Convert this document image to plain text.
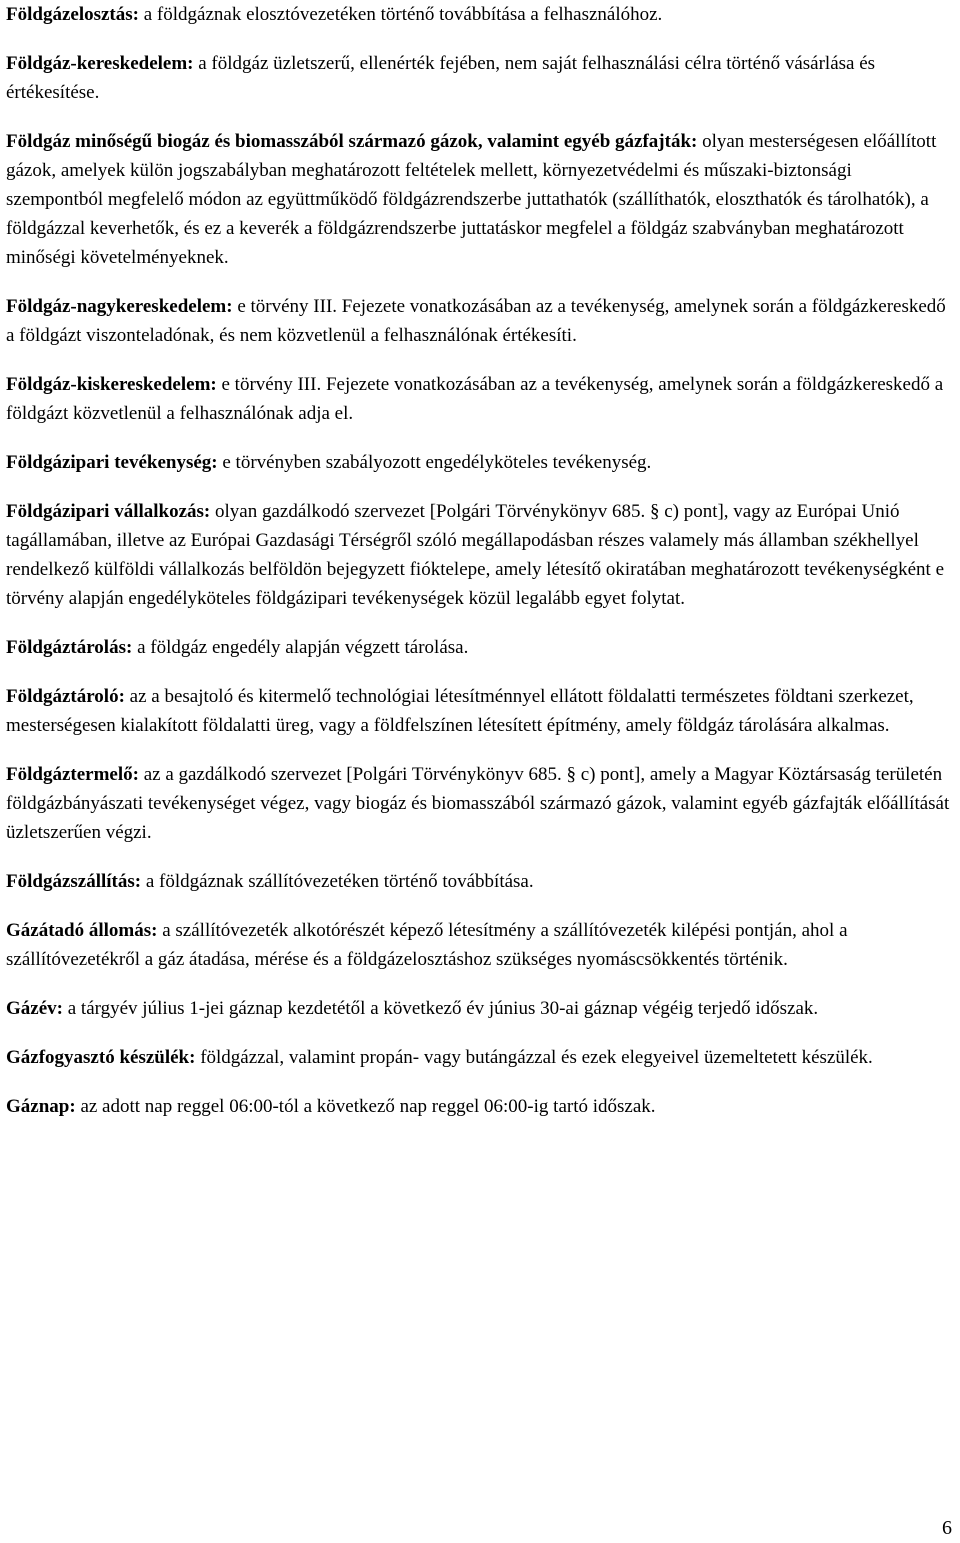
Földgázelosztás: a földgáznak elosztóvezetéken történő továbbítása a felhasználóhoz.

Földgáz-kereskedelem: a földgáz üzletszerű, ellenérték fejében, nem saját felhasználási célra történő vásárlása és értékesítése.

Földgáz minőségű biogáz és biomasszából származó gázok, valamint egyéb gázfajták: olyan mesterségesen előállított gázok, amelyek külön jogszabályban meghatározott feltételek mellett, környezetvédelmi és műszaki-biztonsági szempontból megfelelő módon az együttműködő földgázrendszerbe juttathatók (szállíthatók, eloszthatók és tárolhatók), a földgázzal keverhetők, és ez a keverék a földgázrendszerbe juttatáskor megfelel a földgáz szabványban meghatározott minőségi követelményeknek.

Földgáz-nagykereskedelem: e törvény III. Fejezete vonatkozásában az a tevékenység, amelynek során a földgázkereskedő a földgázt viszonteladónak, és nem közvetlenül a felhasználónak értékesíti.

Földgáz-kiskereskedelem: e törvény III. Fejezete vonatkozásában az a tevékenység, amelynek során a földgázkereskedő a földgázt közvetlenül a felhasználónak adja el.

Földgázipari tevékenység: e törvényben szabályozott engedélyköteles tevékenység.

Földgázipari vállalkozás: olyan gazdálkodó szervezet [Polgári Törvénykönyv 685. § c) pont], vagy az Európai Unió tagállamában, illetve az Európai Gazdasági Térségről szóló megállapodásban részes valamely más államban székhellyel rendelkező külföldi vállalkozás belföldön bejegyzett fióktelepe, amely létesítő okiratában meghatározott tevékenységként e törvény alapján engedélyköteles földgázipari tevékenységek közül legalább egyet folytat.

Földgáztárolás: a földgáz engedély alapján végzett tárolása.

Földgáztároló: az a besajtoló és kitermelő technológiai létesítménnyel ellátott földalatti természetes földtani szerkezet, mesterségesen kialakított földalatti üreg, vagy a földfelszínen létesített építmény, amely földgáz tárolására alkalmas.

Földgáztermelő: az a gazdálkodó szervezet [Polgári Törvénykönyv 685. § c) pont], amely a Magyar Köztársaság területén földgázbányászati tevékenységet végez, vagy biogáz és biomasszából származó gázok, valamint egyéb gázfajták előállítását üzletszerűen végzi.

Földgázszállítás: a földgáznak szállítóvezetéken történő továbbítása.

Gázátadó állomás: a szállítóvezeték alkotórészét képező létesítmény a szállítóvezeték kilépési pontján, ahol a szállítóvezetékről a gáz átadása, mérése és a földgázelosztáshoz szükséges nyomáscsökkentés történik.

Gázév: a tárgyév július 1-jei gáznap kezdetétől a következő év június 30-ai gáznap végéig terjedő időszak.

Gázfogyasztó készülék: földgázzal, valamint propán- vagy butángázzal és ezek elegyeivel üzemeltetett készülék.

Gáznap: az adott nap reggel 06:00-tól a következő nap reggel 06:00-ig tartó időszak.

6
